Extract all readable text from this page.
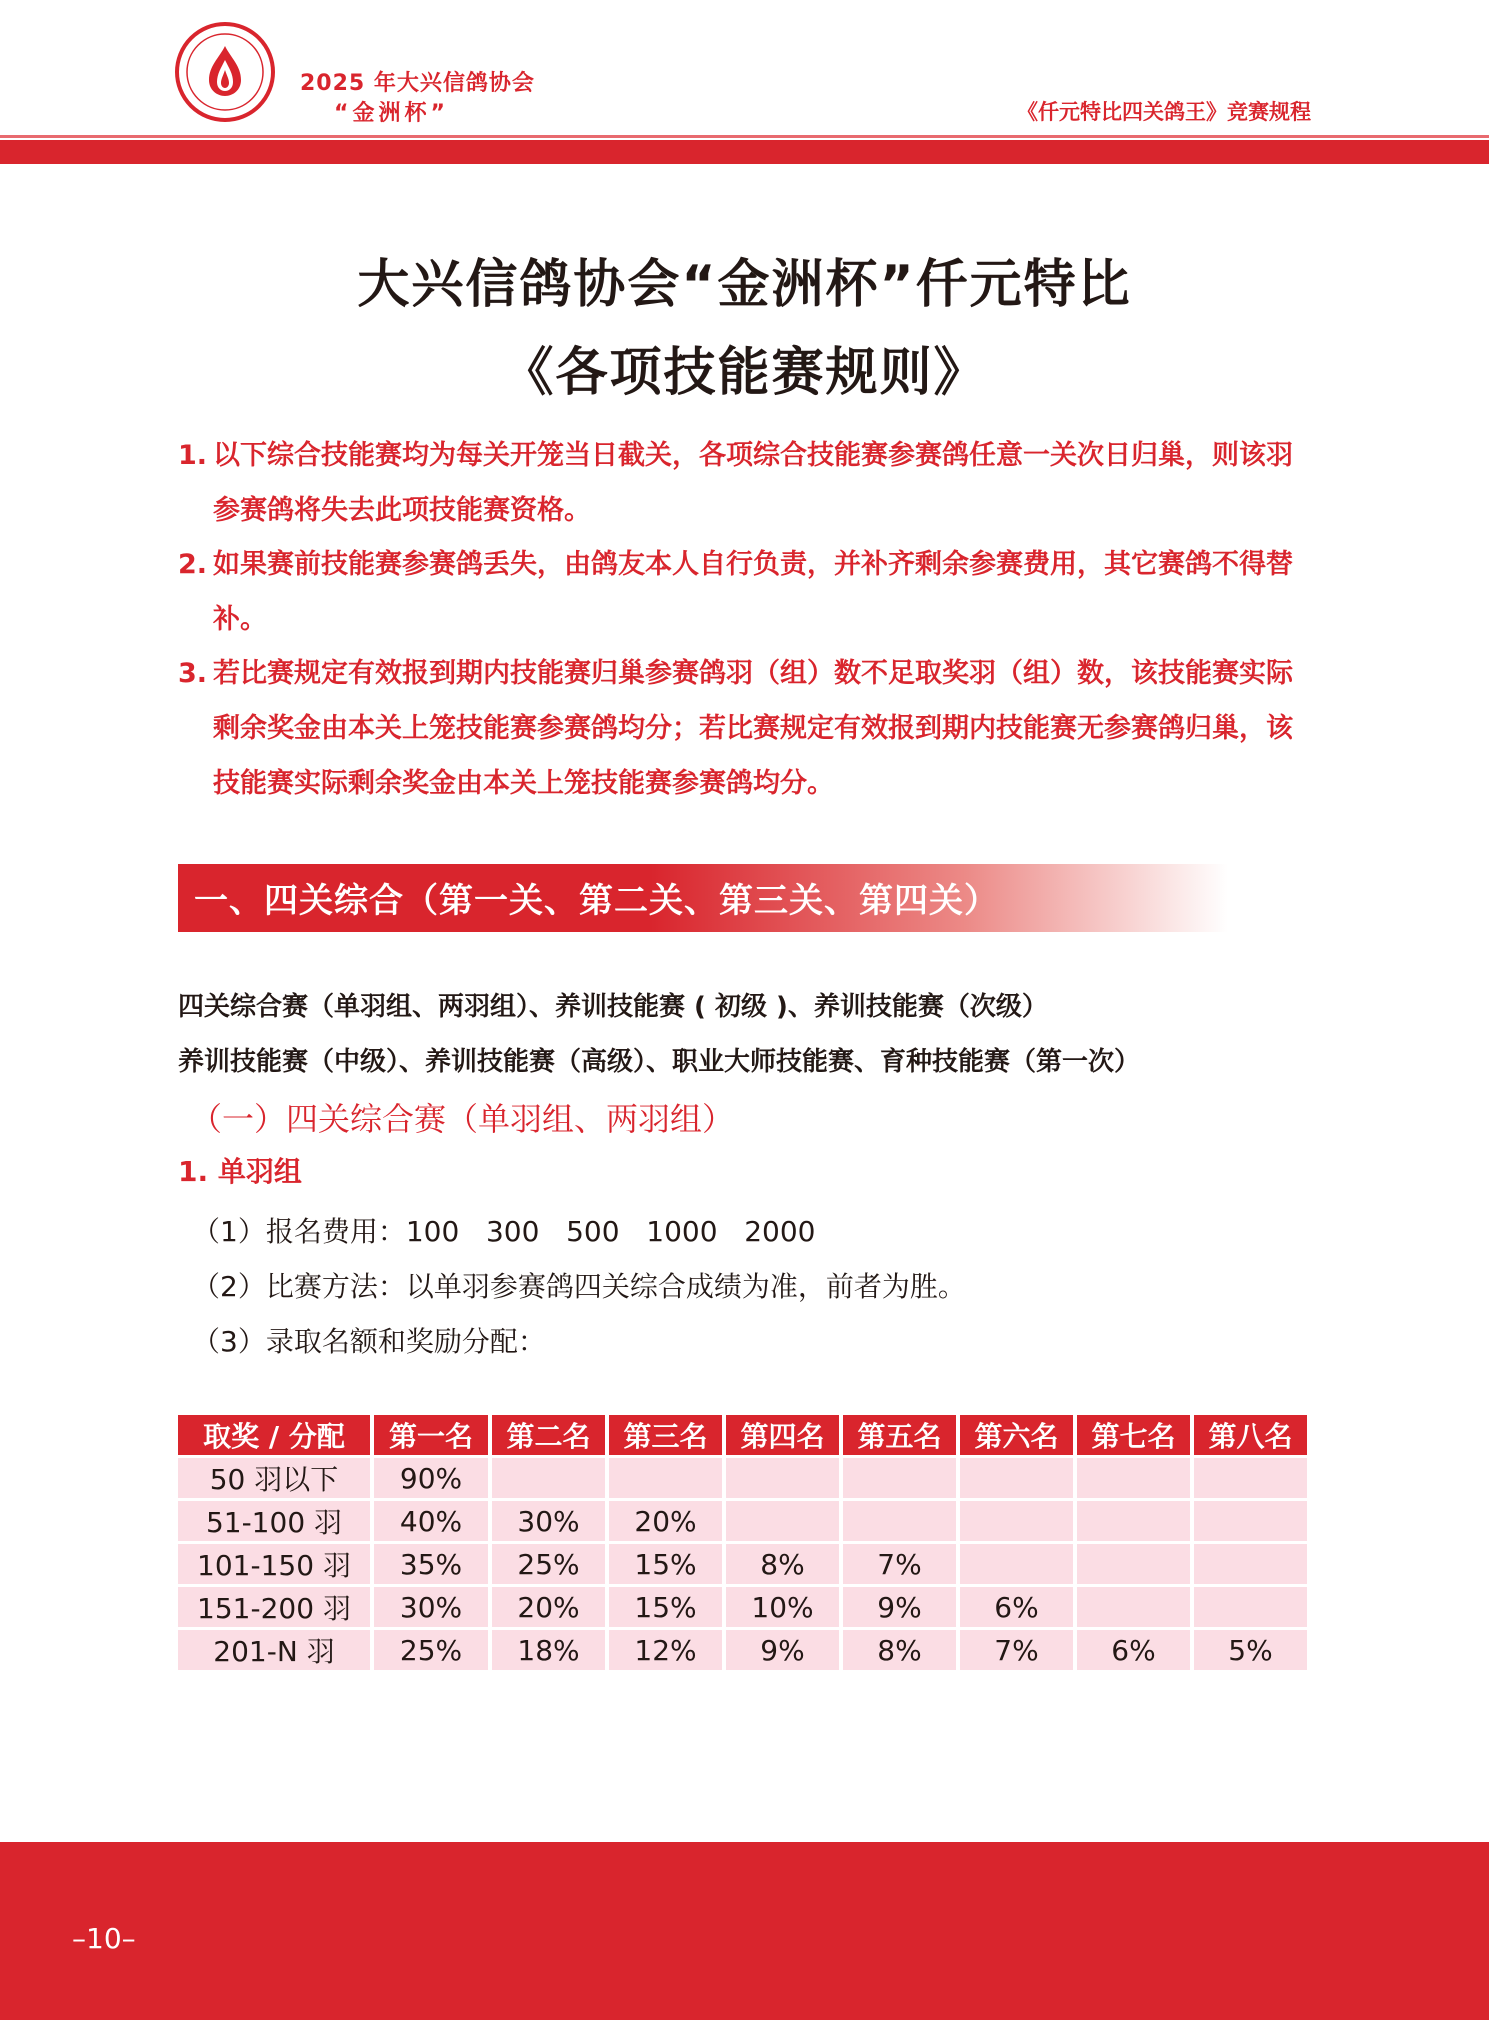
2025 年大兴信鸽协会
“金洲杯”	《仟元特比四关鸽王》竞赛规程
大兴信鸽协会“金洲杯”仟元特比
《各项技能赛规则》
1. 以下综合技能赛均为每关开笼当日截关，各项综合技能赛参赛鸽任意一关次日归巢，则该羽参赛鸽将失去此项技能赛资格。
2. 如果赛前技能赛参赛鸽丢失，由鸽友本人自行负责，并补齐剩余参赛费用，其它赛鸽不得替补。
3. 若比赛规定有效报到期内技能赛归巢参赛鸽羽（组）数不足取奖羽（组）数，该技能赛实际剩余奖金由本关上笼技能赛参赛鸽均分；若比赛规定有效报到期内技能赛无参赛鸽归巢，该技能赛实际剩余奖金由本关上笼技能赛参赛鸽均分。
一、四关综合（第一关、第二关、第三关、第四关）
四关综合赛（单羽组、两羽组）、养训技能赛 ( 初级 )、养训技能赛（次级）
养训技能赛（中级）、养训技能赛（高级）、职业大师技能赛、育种技能赛（第一次）
（一）四关综合赛（单羽组、两羽组）
1. 单羽组
（1）报名费用：100   300   500   1000   2000
（2）比赛方法：以单羽参赛鸽四关综合成绩为准，前者为胜。
（3）录取名额和奖励分配：
取奖 / 分配	第一名	第二名	第三名	第四名	第五名	第六名	第七名	第八名
50 羽以下	90%							
51-100 羽	40%	30%	20%					
101-150 羽	35%	25%	15%	8%	7%			
151-200 羽	30%	20%	15%	10%	9%	6%		
201-N 羽	25%	18%	12%	9%	8%	7%	6%	5%
–10–
